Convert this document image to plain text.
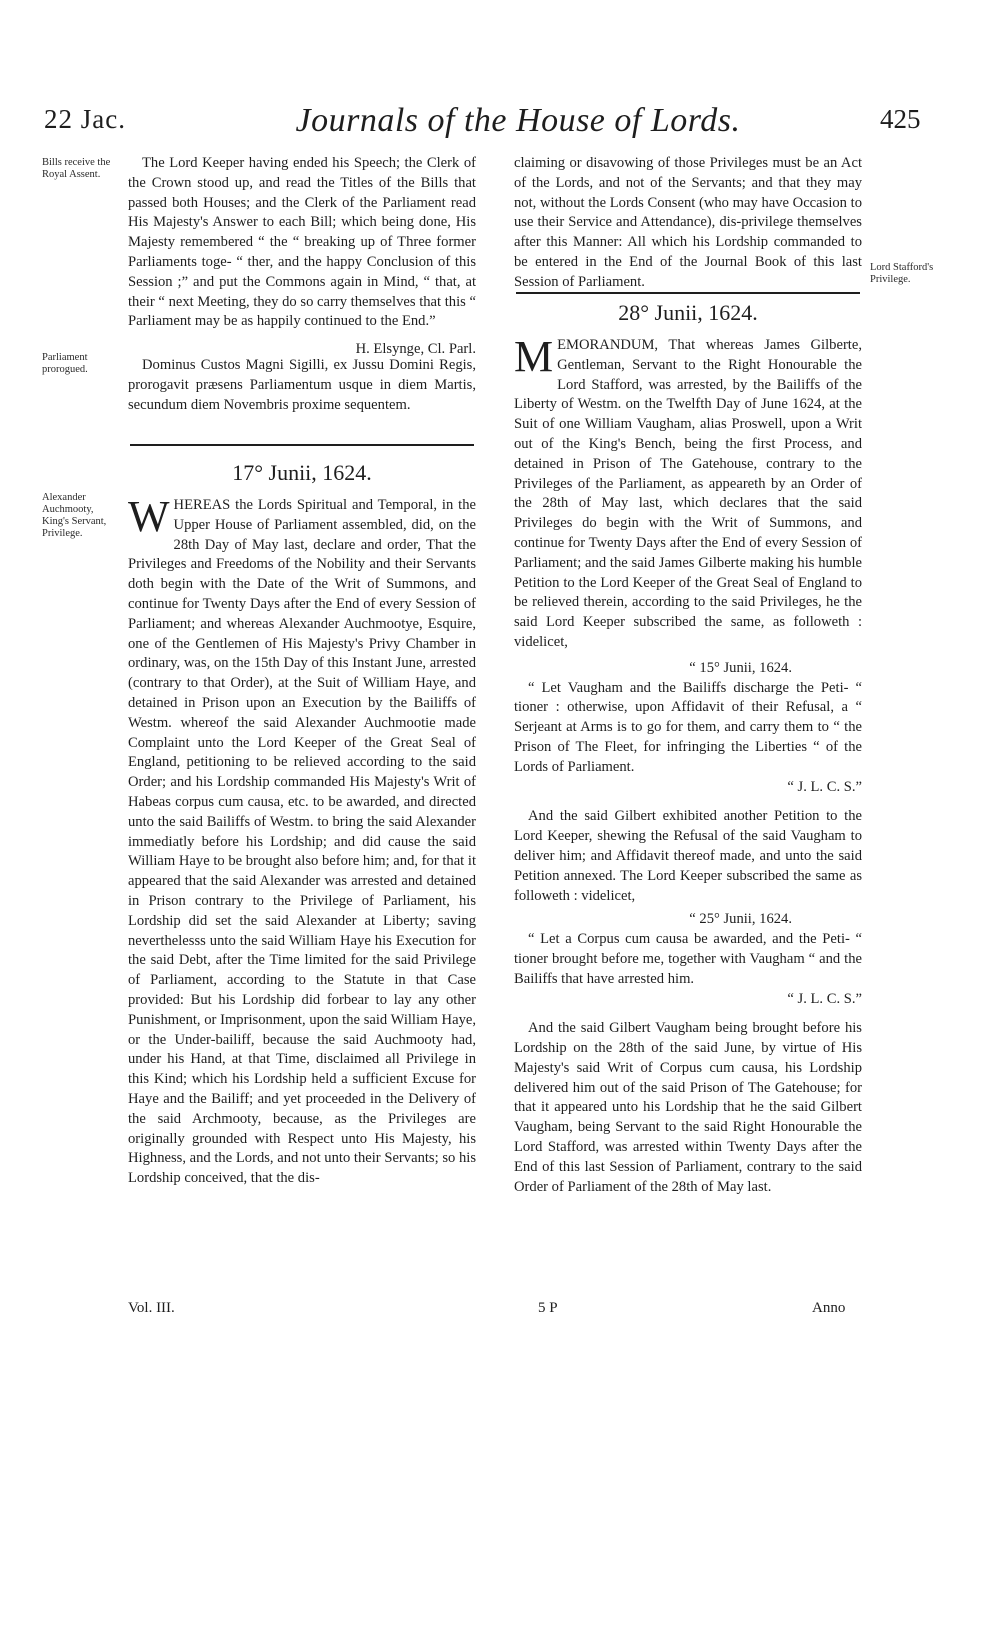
22 Jac.	Journals of the House of Lords.	425
Bills receive the Royal Assent.
Parliament prorogued.
Alexander Auchmooty, King's Servant, Privilege.

The Lord Keeper having ended his Speech; the Clerk of the Crown stood up, and read the Titles of the Bills that passed both Houses; and the Clerk of the Parliament read His Majesty's Answer to each Bill; which being done, His Majesty remembered “ the “ breaking up of Three former Parliaments toge- “ ther, and the happy Conclusion of this Session ;” and put the Commons again in Mind, “ that, at their “ next Meeting, they do so carry themselves that this “ Parliament may be as happily continued to the End.”

H. Elsynge, Cl. Parl.

Dominus Custos Magni Sigilli, ex Jussu Domini Regis, prorogavit præsens Parliamentum usque in diem Martis, secundum diem Novembris proxime sequentem.

17° Junii, 1624.

WHEREAS the Lords Spiritual and Temporal, in the Upper House of Parliament assembled, did, on the 28th Day of May last, declare and order, That the Privileges and Freedoms of the Nobility and their Servants doth begin with the Date of the Writ of Summons, and continue for Twenty Days after the End of every Session of Parliament; and whereas Alexander Auchmootye, Esquire, one of the Gentlemen of His Majesty's Privy Chamber in ordinary, was, on the 15th Day of this Instant June, arrested (contrary to that Order), at the Suit of William Haye, and detained in Prison upon an Execution by the Bailiffs of Westm. whereof the said Alexander Auchmootie made Complaint unto the Lord Keeper of the Great Seal of England, petitioning to be relieved according to the said Order; and his Lordship commanded His Majesty's Writ of Habeas corpus cum causa, etc. to be awarded, and directed unto the said Bailiffs of Westm. to bring the said Alexander immediatly before his Lordship; and did cause the said William Haye to be brought also before him; and, for that it appeared that the said Alexander was arrested and detained in Prison contrary to the Privilege of Parliament, his Lordship did set the said Alexander at Liberty; saving neverthelesss unto the said William Haye his Execution for the said Debt, after the Time limited for the said Privilege of Parliament, according to the Statute in that Case provided: But his Lordship did forbear to lay any other Punishment, or Imprisonment, upon the said William Haye, or the Under-bailiff, because the said Auchmooty had, under his Hand, at that Time, disclaimed all Privilege in this Kind; which his Lordship held a sufficient Excuse for Haye and the Bailiff; and yet proceeded in the Delivery of the said Archmooty, because, as the Privileges are originally grounded with Respect unto His Majesty, his Highness, and the Lords, and not unto their Servants; so his Lordship conceived, that the dis-

Lord Stafford's Privilege.

claiming or disavowing of those Privileges must be an Act of the Lords, and not of the Servants; and that they may not, without the Lords Consent (who may have Occasion to use their Service and Attendance), dis-privilege themselves after this Manner: All which his Lordship commanded to be entered in the End of the Journal Book of this last Session of Parliament.

28° Junii, 1624.

MEMORANDUM, That whereas James Gilberte, Gentleman, Servant to the Right Honourable the Lord Stafford, was arrested, by the Bailiffs of the Liberty of Westm. on the Twelfth Day of June 1624, at the Suit of one William Vaugham, alias Proswell, upon a Writ out of the King's Bench, being the first Process, and detained in Prison of The Gatehouse, contrary to the Privileges of the Parliament, as appeareth by an Order of the 28th of May last, which declares that the said Privileges do begin with the Writ of Summons, and continue for Twenty Days after the End of every Session of Parliament; and the said James Gilberte making his humble Petition to the Lord Keeper of the Great Seal of England to be relieved therein, according to the said Privileges, he the said Lord Keeper subscribed the same, as followeth : videlicet,

“ 15° Junii, 1624.

“ Let Vaugham and the Bailiffs discharge the Peti- “ tioner : otherwise, upon Affidavit of their Refusal, a “ Serjeant at Arms is to go for them, and carry them to “ the Prison of The Fleet, for infringing the Liberties “ of the Lords of Parliament.

“ J. L. C. S.”

And the said Gilbert exhibited another Petition to the Lord Keeper, shewing the Refusal of the said Vaugham to deliver him; and Affidavit thereof made, and unto the said Petition annexed. The Lord Keeper subscribed the same as followeth : videlicet,

“ 25° Junii, 1624.

“ Let a Corpus cum causa be awarded, and the Peti- “ tioner brought before me, together with Vaugham “ and the Bailiffs that have arrested him.

“ J. L. C. S.”

And the said Gilbert Vaugham being brought before his Lordship on the 28th of the said June, by virtue of His Majesty's said Writ of Corpus cum causa, his Lordship delivered him out of the said Prison of The Gatehouse; for that it appeared unto his Lordship that he the said Gilbert Vaugham, being Servant to the said Right Honourable the Lord Stafford, was arrested within Twenty Days after the End of this last Session of Parliament, contrary to the said Order of Parliament of the 28th of May last.

Vol. III.	5 P	Anno
